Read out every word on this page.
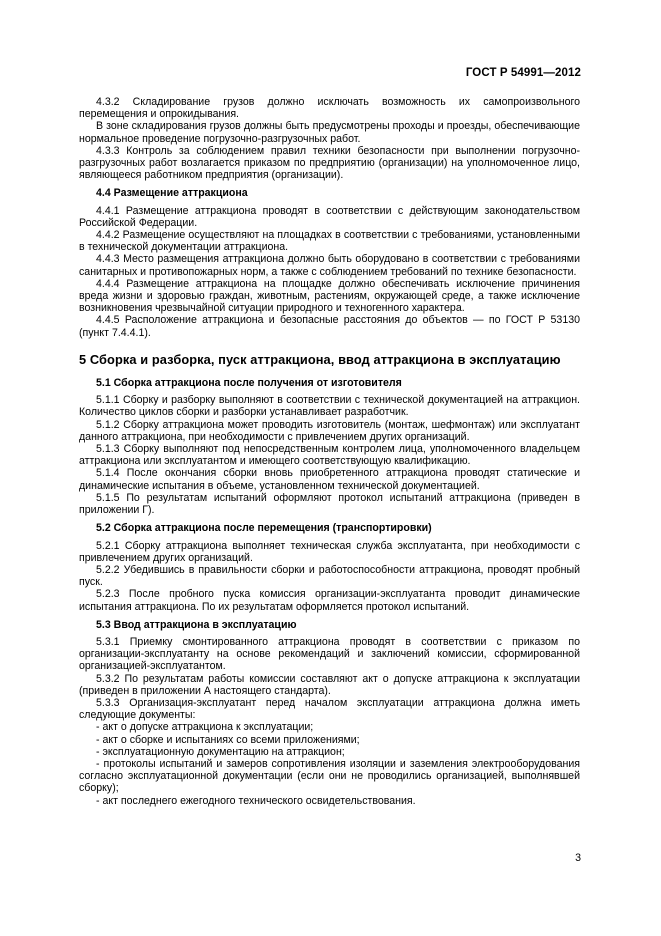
ГОСТ Р 54991—2012

4.3.2 Складирование грузов должно исключать возможность их самопроизвольного перемещения и опрокидывания.

В зоне складирования грузов должны быть предусмотрены проходы и проезды, обеспечивающие нормальное проведение погрузочно-разгрузочных работ.

4.3.3 Контроль за соблюдением правил техники безопасности при выполнении погрузочно-разгрузочных работ возлагается приказом по предприятию (организации) на уполномоченное лицо, являющееся работником предприятия (организации).

4.4 Размещение аттракциона

4.4.1 Размещение аттракциона проводят в соответствии с действующим законодательством Российской Федерации.

4.4.2 Размещение осуществляют на площадках в соответствии с требованиями, установленными в технической документации аттракциона.

4.4.3 Место размещения аттракциона должно быть оборудовано в соответствии с требованиями санитарных и противопожарных норм, а также с соблюдением требований по технике безопасности.

4.4.4 Размещение аттракциона на площадке должно обеспечивать исключение причинения вреда жизни и здоровью граждан, животным, растениям, окружающей среде, а также исключение возникновения чрезвычайной ситуации природного и техногенного характера.

4.4.5 Расположение аттракциона и безопасные расстояния до объектов — по ГОСТ Р 53130 (пункт 7.4.4.1).

5 Сборка и разборка, пуск аттракциона, ввод аттракциона в эксплуатацию
5.1 Сборка аттракциона после получения от изготовителя

5.1.1 Сборку и разборку выполняют в соответствии с технической документацией на аттракцион. Количество циклов сборки и разборки устанавливает разработчик.

5.1.2 Сборку аттракциона может проводить изготовитель (монтаж, шефмонтаж) или эксплуатант данного аттракциона, при необходимости с привлечением других организаций.

5.1.3 Сборку выполняют под непосредственным контролем лица, уполномоченного владельцем аттракциона или эксплуатантом и имеющего соответствующую квалификацию.

5.1.4 После окончания сборки вновь приобретенного аттракциона проводят статические и динамические испытания в объеме, установленном технической документацией.

5.1.5 По результатам испытаний оформляют протокол испытаний аттракциона (приведен в приложении Г).

5.2 Сборка аттракциона после перемещения (транспортировки)

5.2.1 Сборку аттракциона выполняет техническая служба эксплуатанта, при необходимости с привлечением других организаций.

5.2.2 Убедившись в правильности сборки и работоспособности аттракциона, проводят пробный пуск.

5.2.3 После пробного пуска комиссия организации-эксплуатанта проводит динамические испытания аттракциона. По их результатам оформляется протокол испытаний.

5.3 Ввод аттракциона в эксплуатацию

5.3.1 Приемку смонтированного аттракциона проводят в соответствии с приказом по организации-эксплуатанту на основе рекомендаций и заключений комиссии, сформированной организацией-эксплуатантом.

5.3.2 По результатам работы комиссии составляют акт о допуске аттракциона к эксплуатации (приведен в приложении А настоящего стандарта).

5.3.3 Организация-эксплуатант перед началом эксплуатации аттракциона должна иметь следующие документы:

- акт о допуске аттракциона к эксплуатации;

- акт о сборке и испытаниях со всеми приложениями;

- эксплуатационную документацию на аттракцион;

- протоколы испытаний и замеров сопротивления изоляции и заземления электрооборудования согласно эксплуатационной документации (если они не проводились организацией, выполнявшей сборку);

- акт последнего ежегодного технического освидетельствования.

3
